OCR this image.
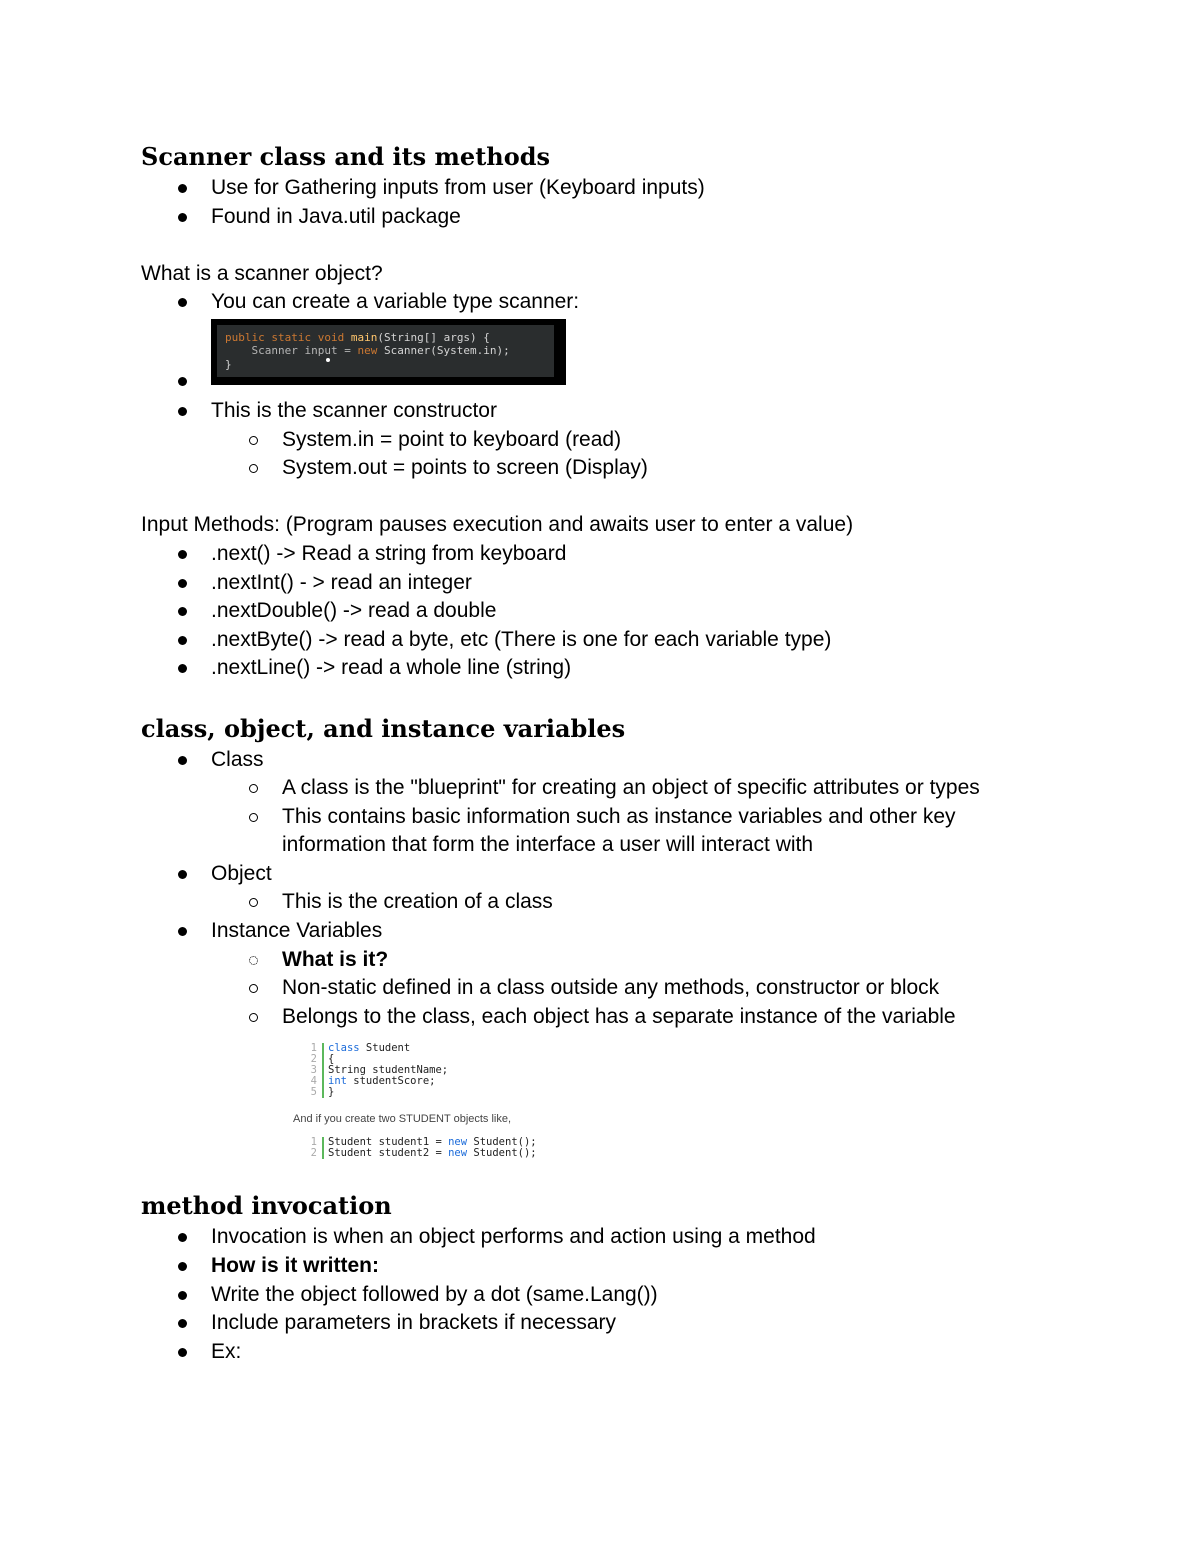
Scanner class and its methods
Use for Gathering inputs from user (Keyboard inputs)
Found in Java.util package

What is a scanner object?

You can create a variable type scanner:
public static void main(String[] args) {
Scanner input = new Scanner(System.in);
}
This is the scanner constructor
System.in = point to keyboard (read)
System.out = points to screen (Display)

Input Methods: (Program pauses execution and awaits user to enter a value)

.next() -> Read a string from keyboard
.nextInt() - > read an integer
.nextDouble() -> read a double
.nextByte() -> read a byte, etc (There is one for each variable type)
.nextLine() -> read a whole line (string)
class, object, and instance variables
Class
A class is the "blueprint" for creating an object of specific attributes or types
This contains basic information such as instance variables and other key information that form the interface a user will interact with
Object
This is the creation of a class
Instance Variables
What is it?
Non-static defined in a class outside any methods, constructor or block
Belongs to the class, each object has a separate instance of the variable
1
2
3
4
5
class Student
{
String studentName;
int studentScore;
}
And if you create two STUDENT objects like,
1
2
Student student1 = new Student();
Student student2 = new Student();
method invocation
Invocation is when an object performs and action using a method
How is it written:
Write the object followed by a dot (same.Lang())
Include parameters in brackets if necessary
Ex:
